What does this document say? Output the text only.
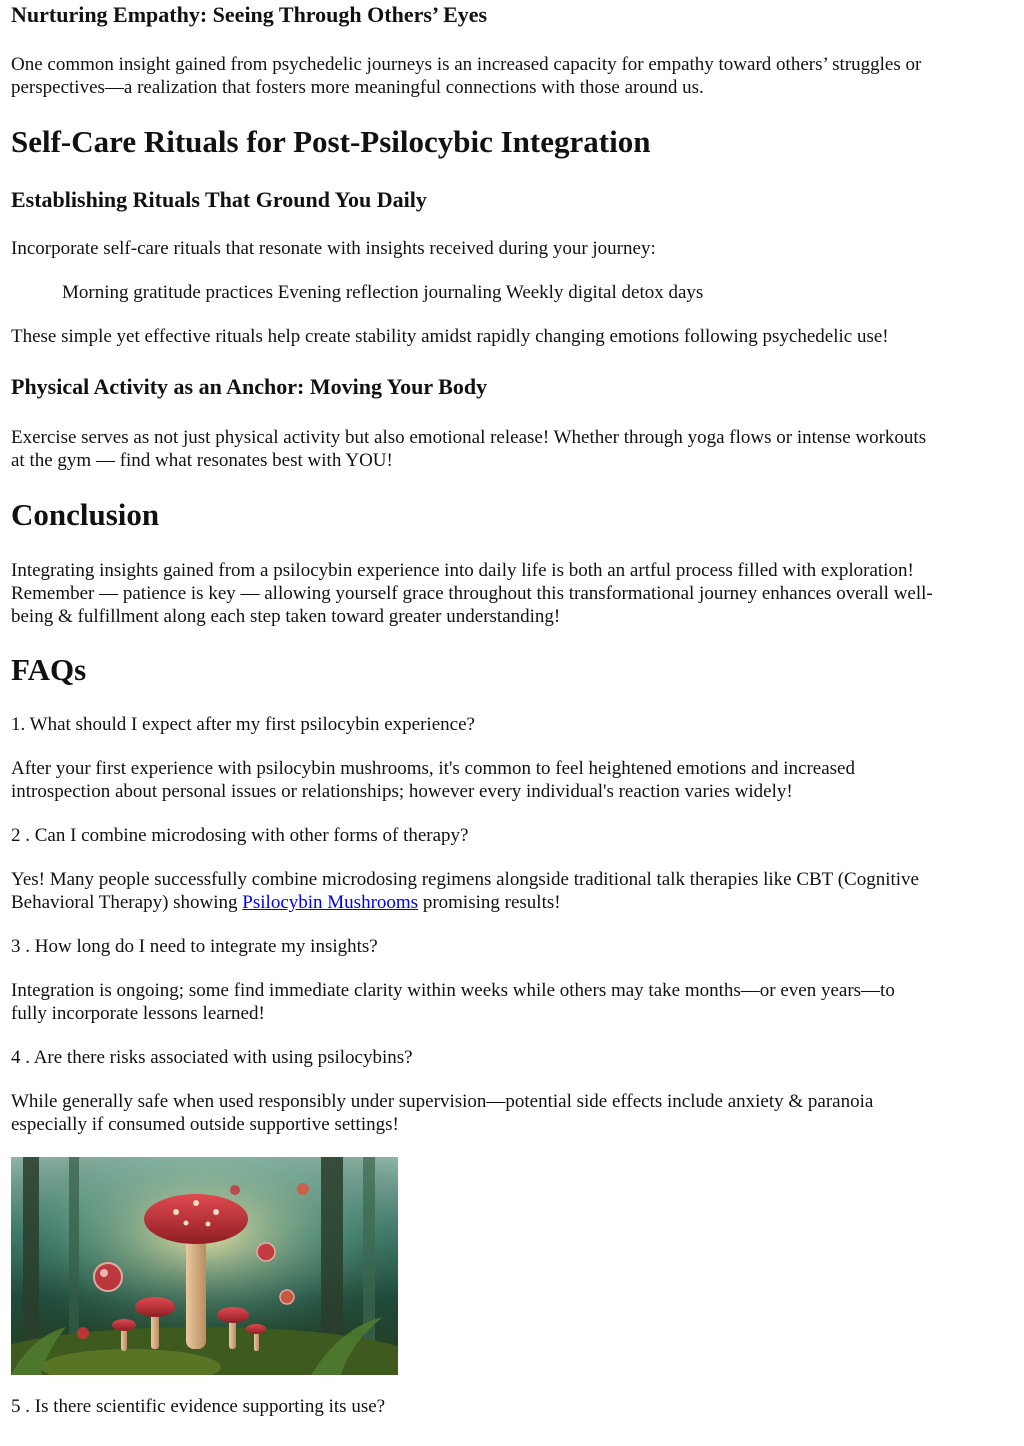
Nurturing Empathy: Seeing Through Others’ Eyes

One common insight gained from psychedelic journeys is an increased capacity for empathy toward others’ struggles or
perspectives—a realization that fosters more meaningful connections with those around us.

Self-Care Rituals for Post-Psilocybic Integration
Establishing Rituals That Ground You Daily

Incorporate self-care rituals that resonate with insights received during your journey:

Morning gratitude practices Evening reflection journaling Weekly digital detox days

These simple yet effective rituals help create stability amidst rapidly changing emotions following psychedelic use!

Physical Activity as an Anchor: Moving Your Body

Exercise serves as not just physical activity but also emotional release! Whether through yoga flows or intense workouts
at the gym — find what resonates best with YOU!

Conclusion

Integrating insights gained from a psilocybin experience into daily life is both an artful process filled with exploration!
Remember — patience is key — allowing yourself grace throughout this transformational journey enhances overall well-
being & fulfillment along each step taken toward greater understanding!

FAQs

1. What should I expect after my first psilocybin experience?

After your first experience with psilocybin mushrooms, it's common to feel heightened emotions and increased
introspection about personal issues or relationships; however every individual's reaction varies widely!

2 . Can I combine microdosing with other forms of therapy?

Yes! Many people successfully combine microdosing regimens alongside traditional talk therapies like CBT (Cognitive
Behavioral Therapy) showing Psilocybin Mushrooms promising results!

3 . How long do I need to integrate my insights?

Integration is ongoing; some find immediate clarity within weeks while others may take months—or even years—to
fully incorporate lessons learned!

4 . Are there risks associated with using psilocybins?

While generally safe when used responsibly under supervision—potential side effects include anxiety & paranoia
especially if consumed outside supportive settings!

5 . Is there scientific evidence supporting its use?
